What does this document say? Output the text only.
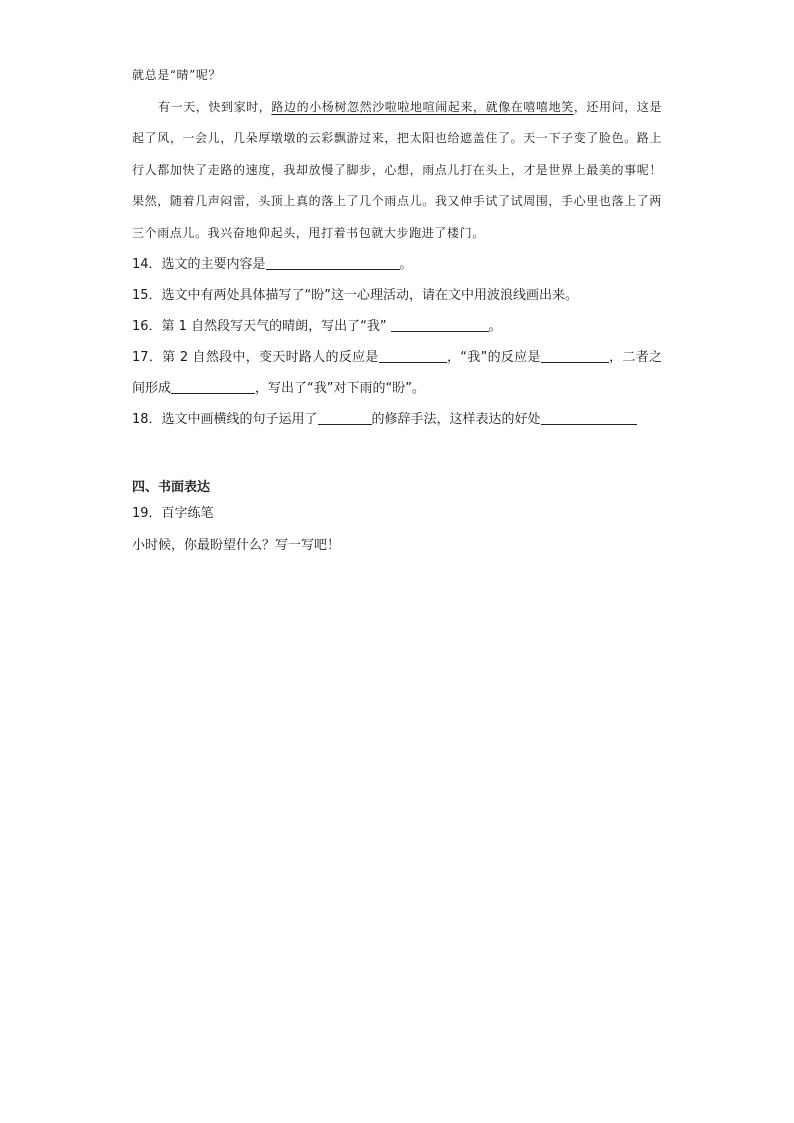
就总是“晴”呢？
有一天，快到家时，路边的小杨树忽然沙啦啦地喧闹起来，就像在嘻嘻地笑，还用问，这是起了风，一会儿，几朵厚墩墩的云彩飘游过来，把太阳也给遮盖住了。天一下子变了脸色。路上行人都加快了走路的速度，我却放慢了脚步，心想，雨点儿打在头上，才是世界上最美的事呢！果然，随着几声闷雷，头顶上真的落上了几个雨点儿。我又伸手试了试周围，手心里也落上了两三个雨点儿。我兴奋地仰起头，甩打着书包就大步跑进了楼门。

14．选文的主要内容是	。

15．选文中有两处具体描写了“盼”这一心理活动，请在文中用波浪线画出来。

16．第 1 自然段写天气的晴朗，写出了“我”	。

17．第 2 自然段中，变天时路人的反应是	，“我”的反应是	，二者之间形成	，写出了“我”对下雨的“盼”。

18．选文中画横线的句子运用了	的修辞手法，这样表达的好处

四、书面表达

19．百字练笔

小时候，你最盼望什么？写一写吧！
